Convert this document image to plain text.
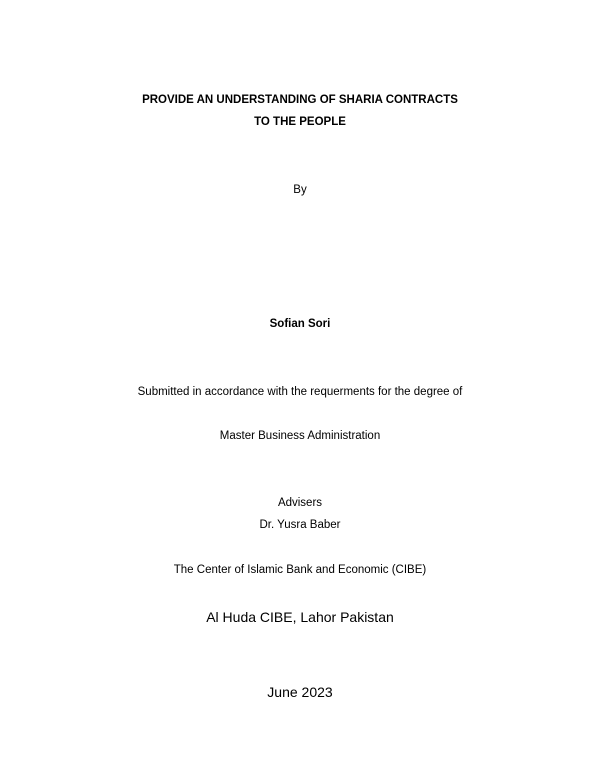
PROVIDE AN UNDERSTANDING OF SHARIA CONTRACTS
TO THE PEOPLE
By
Sofian Sori
Submitted in accordance with the requerments for the degree of
Master Business Administration
Advisers
Dr. Yusra Baber
The Center of Islamic Bank and Economic (CIBE)
Al Huda CIBE, Lahor Pakistan
June 2023
